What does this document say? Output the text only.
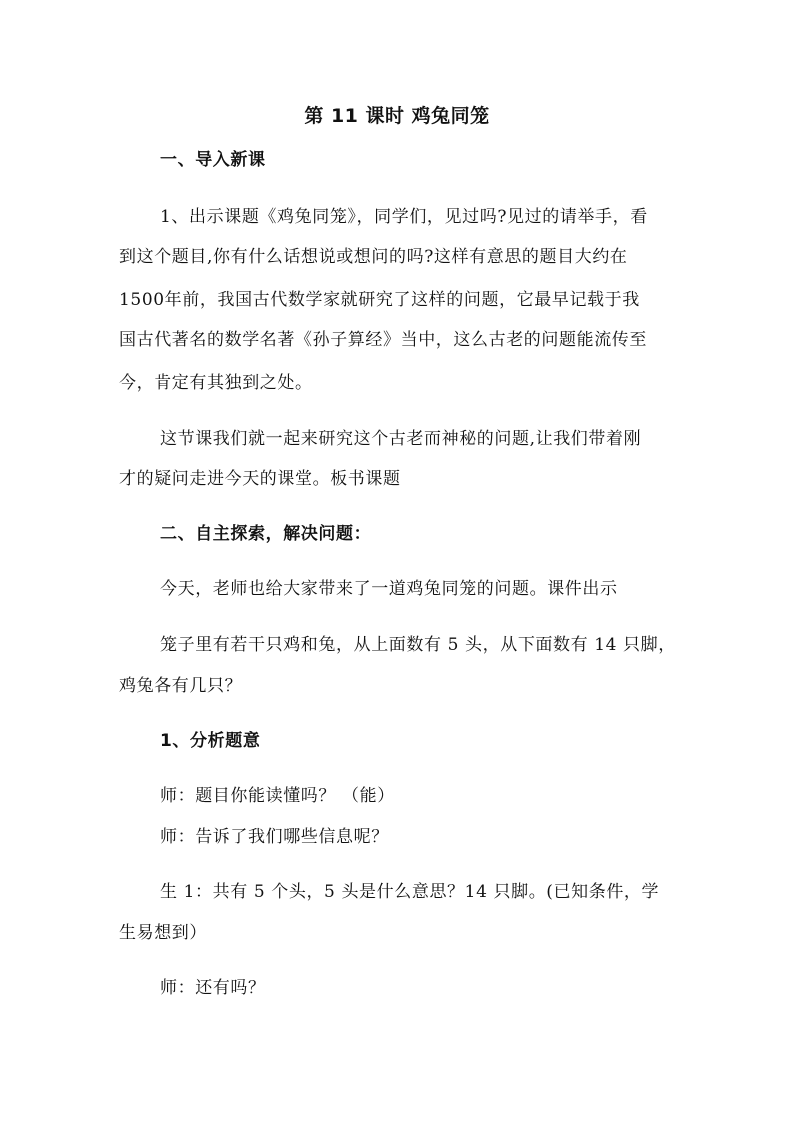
第 11 课时 鸡兔同笼
一、导入新课
1、出示课题《鸡兔同笼》，同学们，见过吗?见过的请举手，看
到这个题目,你有什么话想说或想问的吗?这样有意思的题目大约在
1500年前，我国古代数学家就研究了这样的问题，它最早记载于我
国古代著名的数学名著《孙子算经》当中，这么古老的问题能流传至
今，肯定有其独到之处。
这节课我们就一起来研究这个古老而神秘的问题,让我们带着刚
才的疑问走进今天的课堂。板书课题
二、自主探索，解决问题：
今天，老师也给大家带来了一道鸡兔同笼的问题。课件出示
笼子里有若干只鸡和兔，从上面数有 5 头，从下面数有 14 只脚，
鸡兔各有几只？
1、分析题意
师：题目你能读懂吗？ （能）
师：告诉了我们哪些信息呢？
生 1：共有 5 个头，5 头是什么意思？14 只脚。(已知条件，学
生易想到）
师：还有吗？
